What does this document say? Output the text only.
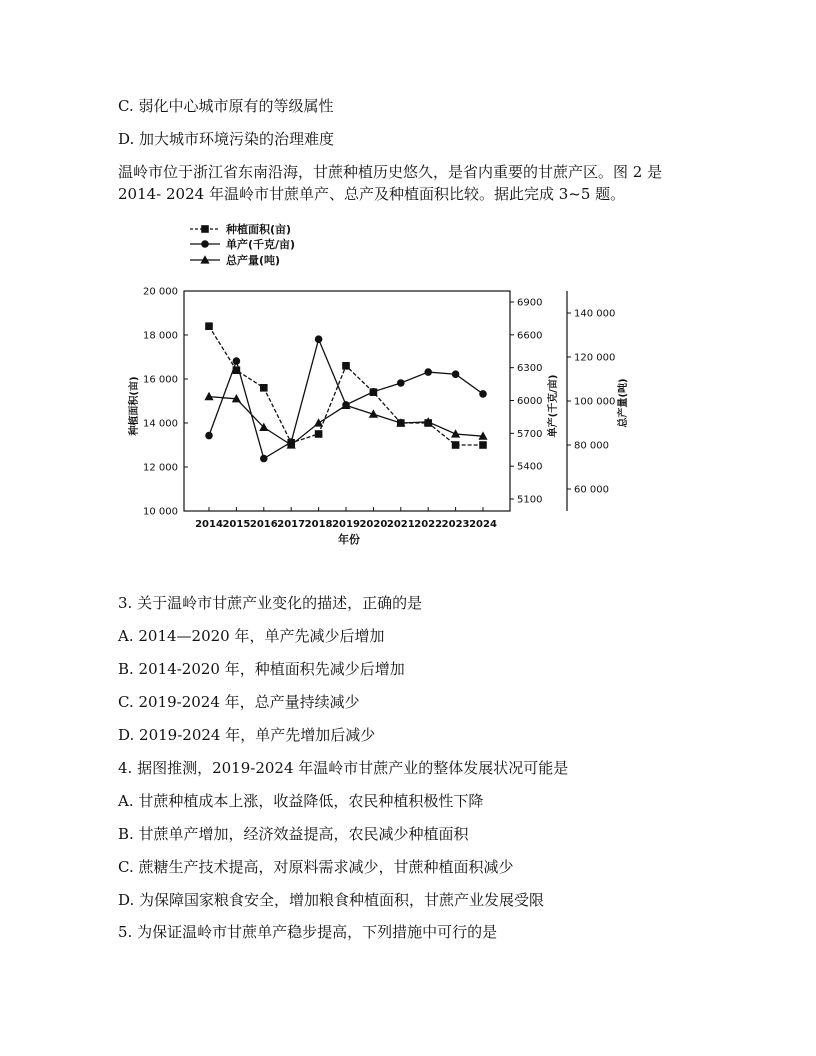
C. 弱化中心城市原有的等级属性
D. 加大城市环境污染的治理难度
温岭市位于浙江省东南沿海，甘蔗种植历史悠久，是省内重要的甘蔗产区。图 2 是
2014- 2024 年温岭市甘蔗单产、总产及种植面积比较。据此完成 3~5 题。
10 000
12 000
14 000
16 000
18 000
20 000
5100
5400
5700
6000
6300
6600
6900
60 000
80 000
100 000
120 000
140 000
2014 2015 2016 2017 2018 2019 2020 2021 2022 2023 2024
年份
种植面积(亩)	单产(千克/亩)	总产量(吨)
种植面积(亩)
单产(千克/亩)
总产量(吨)
3. 关于温岭市甘蔗产业变化的描述，正确的是
A. 2014—2020 年，单产先减少后增加
B. 2014-2020 年，种植面积先减少后增加
C. 2019-2024 年，总产量持续减少
D. 2019-2024 年，单产先增加后减少
4. 据图推测，2019-2024 年温岭市甘蔗产业的整体发展状况可能是
A. 甘蔗种植成本上涨，收益降低，农民种植积极性下降
B. 甘蔗单产增加，经济效益提高，农民减少种植面积
C. 蔗糖生产技术提高，对原料需求减少，甘蔗种植面积减少
D. 为保障国家粮食安全，增加粮食种植面积，甘蔗产业发展受限
5. 为保证温岭市甘蔗单产稳步提高，下列措施中可行的是
